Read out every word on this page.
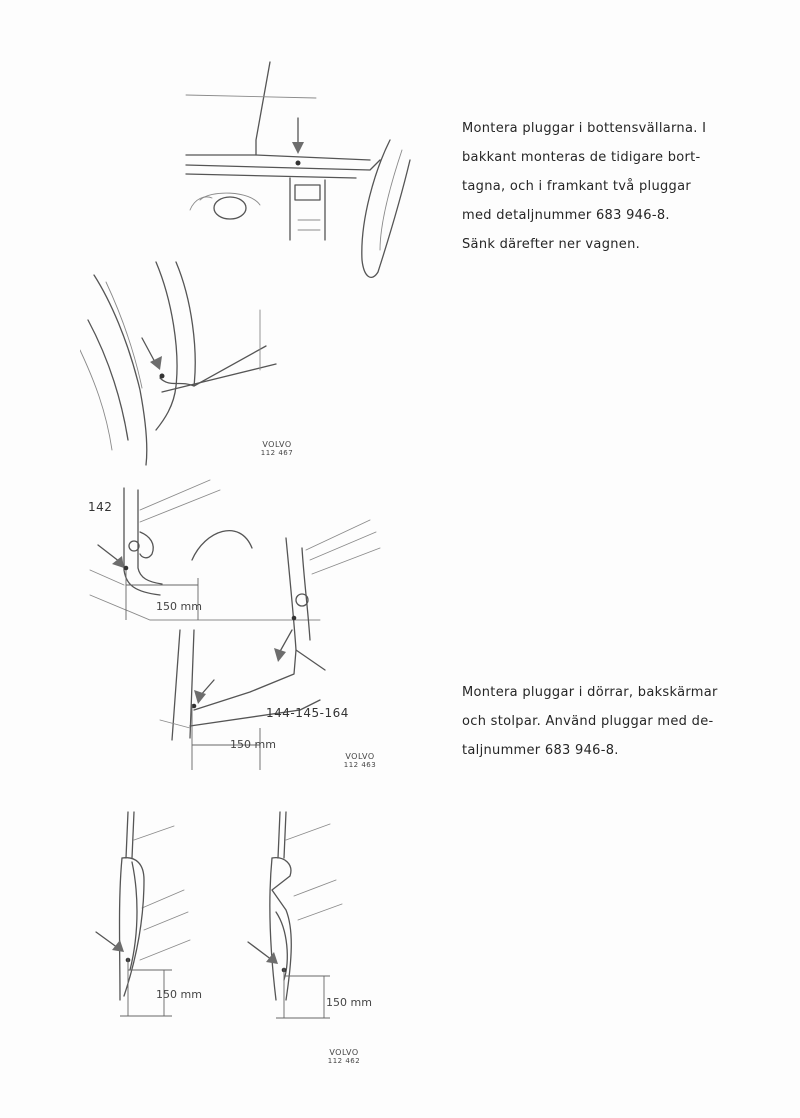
Montera pluggar i bottensvällarna. I
bakkant monteras de tidigare bort-
tagna, och i framkant två pluggar
med detaljnummer 683 946-8.
Sänk därefter ner vagnen.
Montera pluggar i dörrar, bakskärmar
och stolpar. Använd pluggar med de-
taljnummer 683 946-8.
VOLVO
112 467
150 mm
150 mm
142
144-145-164
VOLVO
112 463
150 mm
150 mm
VOLVO
112 462
